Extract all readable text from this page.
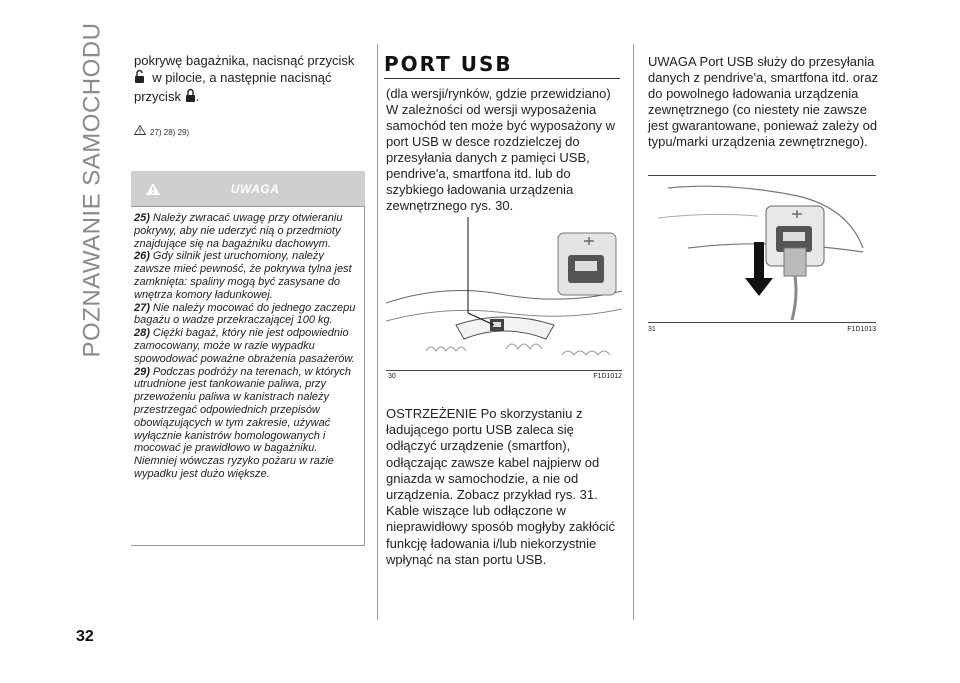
POZNAWANIE SAMOCHODU
32

pokrywę bagażnika, nacisnąć przycisk

w pilocie, a następnie nacisnąć

przycisk .

27) 28) 29)
UWAGA

25) Należy zwracać uwagę przy otwieraniu pokrywy, aby nie uderzyć nią o przedmioty znajdujące się na bagażniku dachowym.

26) Gdy silnik jest uruchomiony, należy zawsze mieć pewność, że pokrywa tylna jest zamknięta: spaliny mogą być zasysane do wnętrza komory ładunkowej.

27) Nie należy mocować do jednego zaczepu bagażu o wadze przekraczającej 100 kg.

28) Ciężki bagaż, który nie jest odpowiednio zamocowany, może w razie wypadku spowodować poważne obrażenia pasażerów.

29) Podczas podróży na terenach, w których utrudnione jest tankowanie paliwa, przy przewożeniu paliwa w kanistrach należy przestrzegać odpowiednich przepisów obowiązujących w tym zakresie, używać wyłącznie kanistrów homologowanych i mocować je prawidłowo w bagażniku. Niemniej wówczas ryzyko pożaru w razie wypadku jest dużo większe.

PORT USB

(dla wersji/rynków, gdzie przewidziano) W zależności od wersji wyposażenia samochód ten może być wyposażony w port USB w desce rozdzielczej do przesyłania danych z pamięci USB, pendrive'a, smartfona itd. lub do szybkiego ładowania urządzenia zewnętrznego rys. 30.

30	F1D1012

OSTRZEŻENIE Po skorzystaniu z ładującego portu USB zaleca się odłączyć urządzenie (smartfon), odłączając zawsze kabel najpierw od gniazda w samochodzie, a nie od urządzenia. Zobacz przykład rys. 31. Kable wiszące lub odłączone w nieprawidłowy sposób mogłyby zakłócić funkcję ładowania i/lub niekorzystnie wpłynąć na stan portu USB.

UWAGA Port USB służy do przesyłania danych z pendrive'a, smartfona itd. oraz do powolnego ładowania urządzenia zewnętrznego (co niestety nie zawsze jest gwarantowane, ponieważ zależy od typu/marki urządzenia zewnętrznego).

31	F1D1013
